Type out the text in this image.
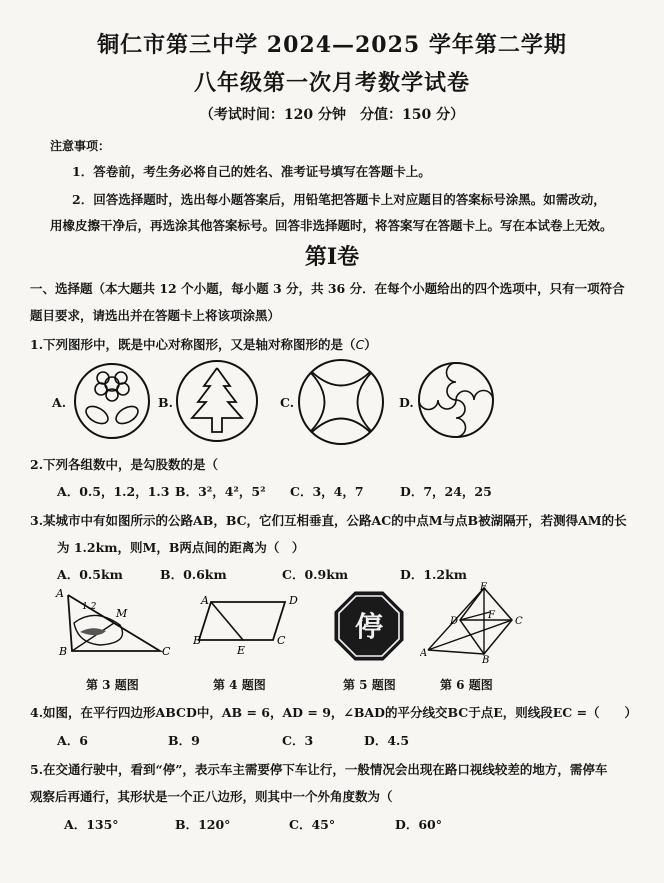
铜仁市第三中学 2024—2025 学年第二学期
八年级第一次月考数学试卷
（考试时间：120 分钟　分值：150 分）
注意事项：
1．答卷前，考生务必将自己的姓名、准考证号填写在答题卡上。
2．回答选择题时，选出每小题答案后，用铅笔把答题卡上对应题目的答案标号涂黑。如需改动，
用橡皮擦干净后，再选涂其他答案标号。回答非选择题时，将答案写在答题卡上。写在本试卷上无效。
第I卷
一、选择题（本大题共 12 个小题，每小题 3 分，共 36 分．在每个小题给出的四个选项中，只有一项符合
题目要求，请选出并在答题卡上将该项涂黑）
1.下列图形中，既是中心对称图形，又是轴对称图形的是（C）
A.	B.	C.	D.
2.下列各组数中，是勾股数的是（
A．0.5，1.2，1.3 B．3²，4²，5² C．3，4，7	D．7，24，25
3.某城市中有如图所示的公路AB，BC，它们互相垂直，公路AC的中点M与点B被湖隔开，若测得AM的长
为 1.2km，则M，B两点间的距离为（　）
A．0.5km	B．0.6km	C．0.9km	D．1.2km
A
B	C
M
1.2
第 3 题图
A	D
B
E
C
第 4 题图
停
第 5 题图
E
D
F
C
A
B
第 6 题图
4.如图，在平行四边形ABCD中，AB = 6，AD = 9，∠BAD的平分线交BC于点E，则线段EC =（　　）
A．6	B．9	C．3	D．4.5
5.在交通行驶中，看到“停”，表示车主需要停下车让行，一般情况会出现在路口视线较差的地方，需停车
观察后再通行，其形状是一个正八边形，则其中一个外角度数为（
A．135°	B．120°	C．45°	D．60°
